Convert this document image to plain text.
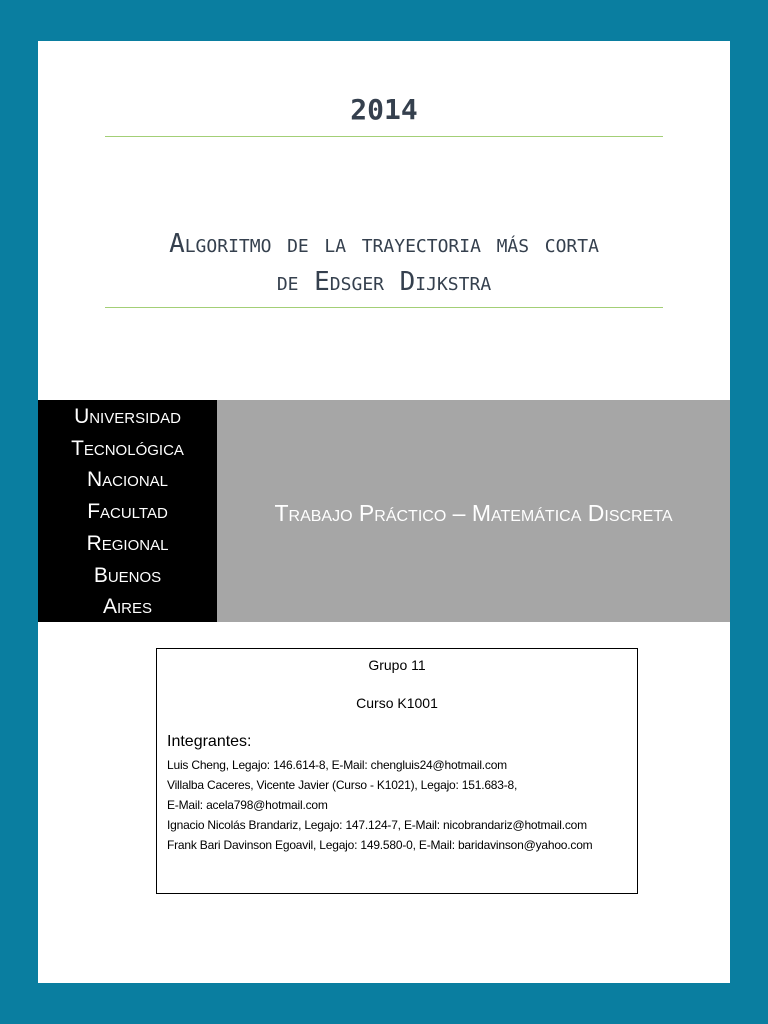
2014
Algoritmo de la trayectoria más corta
de Edsger Dijkstra
Universidad
Tecnológica
Nacional
Facultad
Regional
Buenos
Aires
Trabajo Práctico – Matemática Discreta
Grupo 11
Curso K1001
Integrantes:
Luis Cheng, Legajo: 146.614-8, E-Mail: chengluis24@hotmail.com
Villalba Caceres, Vicente Javier (Curso - K1021), Legajo: 151.683-8,
E-Mail: acela798@hotmail.com
Ignacio Nicolás Brandariz, Legajo: 147.124-7, E-Mail: nicobrandariz@hotmail.com
Frank Bari Davinson Egoavil, Legajo: 149.580-0, E-Mail: baridavinson@yahoo.com
